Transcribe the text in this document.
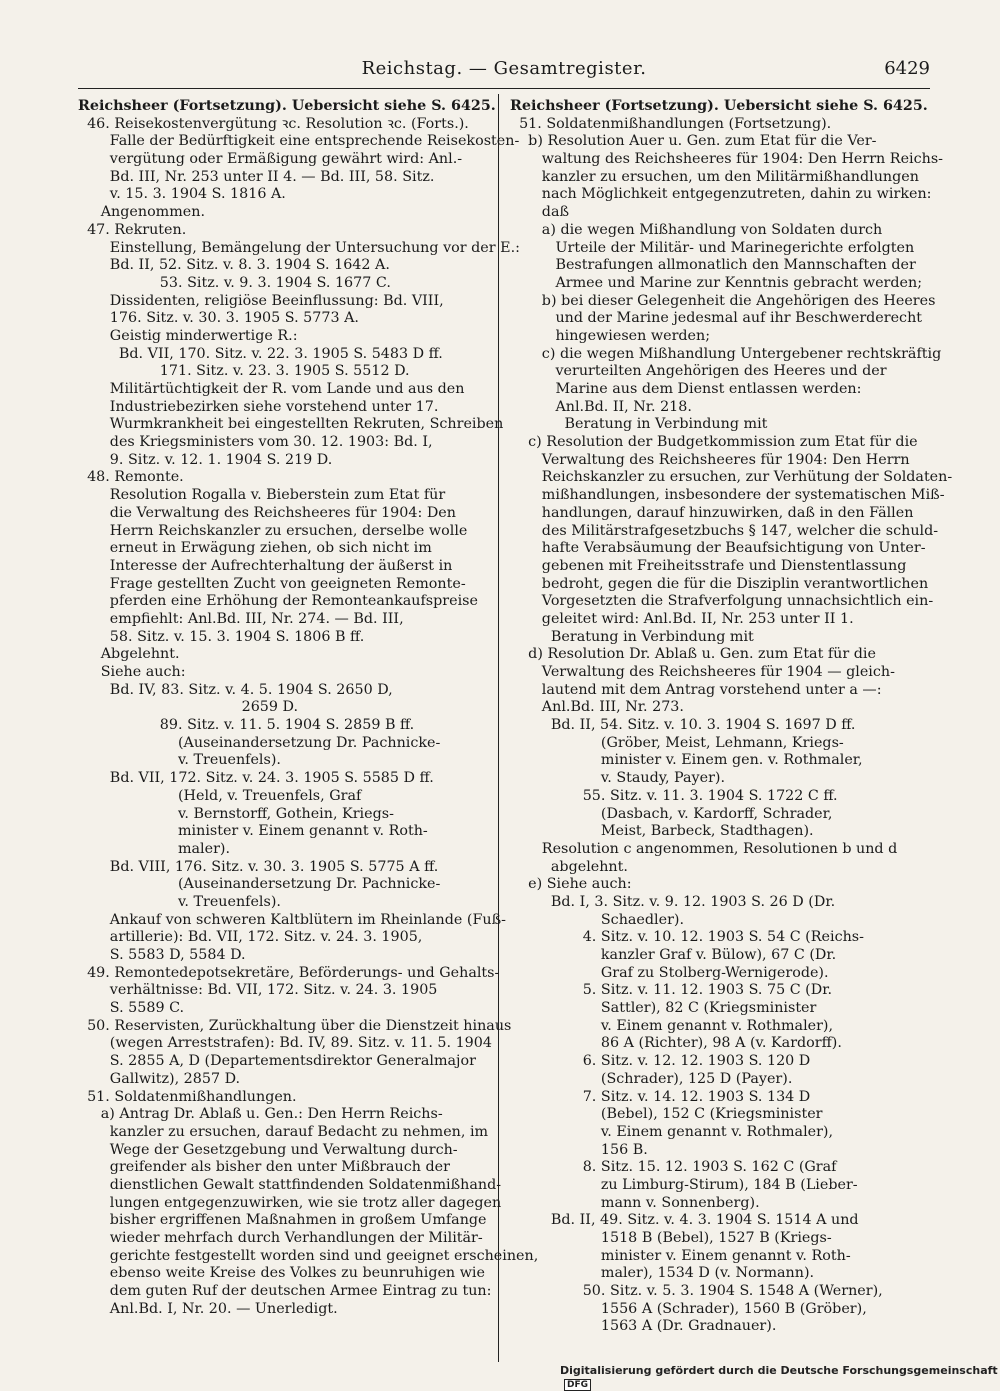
Reichstag. — Gesamtregister.	6429
Reichsheer (Fortsetzung). Uebersicht siehe S. 6425.
46. Reisekostenvergütung ꝛc. Resolution ꝛc. (Forts.).
Falle der Bedürftigkeit eine entsprechende Reisekosten-
vergütung oder Ermäßigung gewährt wird: Anl.-
Bd. III, Nr. 253 unter II 4. — Bd. III, 58. Sitz.
v. 15. 3. 1904 S. 1816 A.
Angenommen.
47. Rekruten.
Einstellung, Bemängelung der Untersuchung vor der E.:
Bd. II, 52. Sitz. v. 8. 3. 1904 S. 1642 A.
53. Sitz. v. 9. 3. 1904 S. 1677 C.
Dissidenten, religiöse Beeinflussung: Bd. VIII,
176. Sitz. v. 30. 3. 1905 S. 5773 A.
Geistig minderwertige R.:
Bd. VII, 170. Sitz. v. 22. 3. 1905 S. 5483 D ff.
171. Sitz. v. 23. 3. 1905 S. 5512 D.
Militärtüchtigkeit der R. vom Lande und aus den
Industriebezirken siehe vorstehend unter 17.
Wurmkrankheit bei eingestellten Rekruten, Schreiben
des Kriegsministers vom 30. 12. 1903: Bd. I,
9. Sitz. v. 12. 1. 1904 S. 219 D.
48. Remonte.
Resolution Rogalla v. Bieberstein zum Etat für
die Verwaltung des Reichsheeres für 1904: Den
Herrn Reichskanzler zu ersuchen, derselbe wolle
erneut in Erwägung ziehen, ob sich nicht im
Interesse der Aufrechterhaltung der äußerst in
Frage gestellten Zucht von geeigneten Remonte-
pferden eine Erhöhung der Remonteankaufspreise
empfiehlt: Anl.Bd. III, Nr. 274. — Bd. III,
58. Sitz. v. 15. 3. 1904 S. 1806 B ff.
Abgelehnt.
Siehe auch:
Bd. IV, 83. Sitz. v. 4. 5. 1904 S. 2650 D,
2659 D.
89. Sitz. v. 11. 5. 1904 S. 2859 B ff.
(Auseinandersetzung Dr. Pachnicke-
v. Treuenfels).
Bd. VII, 172. Sitz. v. 24. 3. 1905 S. 5585 D ff.
(Held, v. Treuenfels, Graf
v. Bernstorff, Gothein, Kriegs-
minister v. Einem genannt v. Roth-
maler).
Bd. VIII, 176. Sitz. v. 30. 3. 1905 S. 5775 A ff.
(Auseinandersetzung Dr. Pachnicke-
v. Treuenfels).
Ankauf von schweren Kaltblütern im Rheinlande (Fuß-
artillerie): Bd. VII, 172. Sitz. v. 24. 3. 1905,
S. 5583 D, 5584 D.
49. Remontedepotsekretäre, Beförderungs- und Gehalts-
verhältnisse: Bd. VII, 172. Sitz. v. 24. 3. 1905
S. 5589 C.
50. Reservisten, Zurückhaltung über die Dienstzeit hinaus
(wegen Arreststrafen): Bd. IV, 89. Sitz. v. 11. 5. 1904
S. 2855 A, D (Departementsdirektor Generalmajor
Gallwitz), 2857 D.
51. Soldatenmißhandlungen.
a) Antrag Dr. Ablaß u. Gen.: Den Herrn Reichs-
kanzler zu ersuchen, darauf Bedacht zu nehmen, im
Wege der Gesetzgebung und Verwaltung durch-
greifender als bisher den unter Mißbrauch der
dienstlichen Gewalt stattfindenden Soldatenmißhand-
lungen entgegenzuwirken, wie sie trotz aller dagegen
bisher ergriffenen Maßnahmen in großem Umfange
wieder mehrfach durch Verhandlungen der Militär-
gerichte festgestellt worden sind und geeignet erscheinen,
ebenso weite Kreise des Volkes zu beunruhigen wie
dem guten Ruf der deutschen Armee Eintrag zu tun:
Anl.Bd. I, Nr. 20. — Unerledigt.
Reichsheer (Fortsetzung). Uebersicht siehe S. 6425.
51. Soldatenmißhandlungen (Fortsetzung).
b) Resolution Auer u. Gen. zum Etat für die Ver-
waltung des Reichsheeres für 1904: Den Herrn Reichs-
kanzler zu ersuchen, um den Militärmißhandlungen
nach Möglichkeit entgegenzutreten, dahin zu wirken:
daß
a) die wegen Mißhandlung von Soldaten durch
Urteile der Militär- und Marinegerichte erfolgten
Bestrafungen allmonatlich den Mannschaften der
Armee und Marine zur Kenntnis gebracht werden;
b) bei dieser Gelegenheit die Angehörigen des Heeres
und der Marine jedesmal auf ihr Beschwerderecht
hingewiesen werden;
c) die wegen Mißhandlung Untergebener rechtskräftig
verurteilten Angehörigen des Heeres und der
Marine aus dem Dienst entlassen werden:
Anl.Bd. II, Nr. 218.
Beratung in Verbindung mit
c) Resolution der Budgetkommission zum Etat für die
Verwaltung des Reichsheeres für 1904: Den Herrn
Reichskanzler zu ersuchen, zur Verhütung der Soldaten-
mißhandlungen, insbesondere der systematischen Miß-
handlungen, darauf hinzuwirken, daß in den Fällen
des Militärstrafgesetzbuchs § 147, welcher die schuld-
hafte Verabsäumung der Beaufsichtigung von Unter-
gebenen mit Freiheitsstrafe und Dienstentlassung
bedroht, gegen die für die Disziplin verantwortlichen
Vorgesetzten die Strafverfolgung unnachsichtlich ein-
geleitet wird: Anl.Bd. II, Nr. 253 unter II 1.
Beratung in Verbindung mit
d) Resolution Dr. Ablaß u. Gen. zum Etat für die
Verwaltung des Reichsheeres für 1904 — gleich-
lautend mit dem Antrag vorstehend unter a —:
Anl.Bd. III, Nr. 273.
Bd. II, 54. Sitz. v. 10. 3. 1904 S. 1697 D ff.
(Gröber, Meist, Lehmann, Kriegs-
minister v. Einem gen. v. Rothmaler,
v. Staudy, Payer).
55. Sitz. v. 11. 3. 1904 S. 1722 C ff.
(Dasbach, v. Kardorff, Schrader,
Meist, Barbeck, Stadthagen).
Resolution c angenommen, Resolutionen b und d
abgelehnt.
e) Siehe auch:
Bd. I, 3. Sitz. v. 9. 12. 1903 S. 26 D (Dr.
Schaedler).
4. Sitz. v. 10. 12. 1903 S. 54 C (Reichs-
kanzler Graf v. Bülow), 67 C (Dr.
Graf zu Stolberg-Wernigerode).
5. Sitz. v. 11. 12. 1903 S. 75 C (Dr.
Sattler), 82 C (Kriegsminister
v. Einem genannt v. Rothmaler),
86 A (Richter), 98 A (v. Kardorff).
6. Sitz. v. 12. 12. 1903 S. 120 D
(Schrader), 125 D (Payer).
7. Sitz. v. 14. 12. 1903 S. 134 D
(Bebel), 152 C (Kriegsminister
v. Einem genannt v. Rothmaler),
156 B.
8. Sitz. 15. 12. 1903 S. 162 C (Graf
zu Limburg-Stirum), 184 B (Lieber-
mann v. Sonnenberg).
Bd. II, 49. Sitz. v. 4. 3. 1904 S. 1514 A und
1518 B (Bebel), 1527 B (Kriegs-
minister v. Einem genannt v. Roth-
maler), 1534 D (v. Normann).
50. Sitz. v. 5. 3. 1904 S. 1548 A (Werner),
1556 A (Schrader), 1560 B (Gröber),
1563 A (Dr. Gradnauer).
Digitalisierung gefördert durch die Deutsche Forschungsgemeinschaft DFG
